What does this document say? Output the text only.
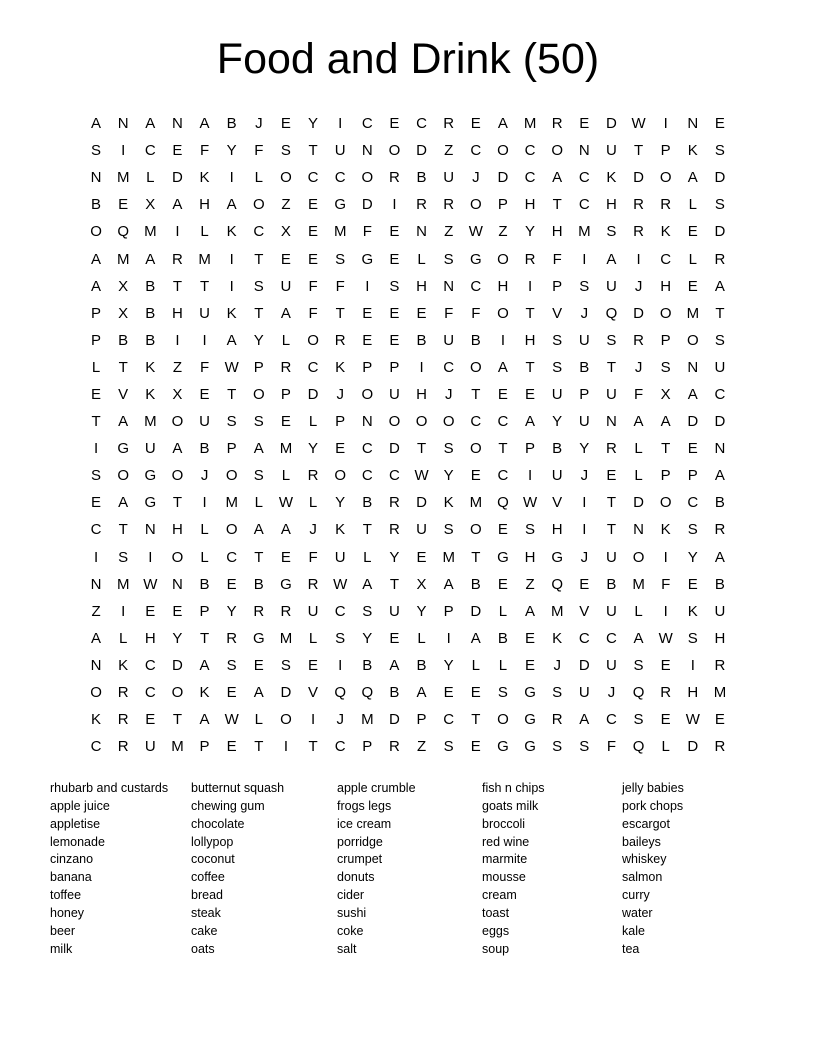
Food and Drink (50)
A	N	A	N	A	B	J	E	Y	I	C	E	C	R	E	A	M	R	E	D W	I	N	E
S	I	C	E	F	Y	F	S	T	U	N	O	D	Z	C	O	C	O	N	U	T	P	K	S
N	M	L	D	K	I	L	O	C	C	O	R	B	U	J	D	C	A	C	K	D	O	A	D
B	E	X	A	H	A	O	Z	E	G	D	I	R	R	O	P	H	T	C	H	R	R	L	S
O	Q	M	I	L	K	C	X	E	M	F	E	N	Z	W	Z	Y	H	M	S	R	K	E	D
A	M	A	R	M	I	T	E	E	S	G	E	L	S	G	O	R	F	I	A	I	C	L	R
A	X	B	T	T	I	S	U	F	F	I	S	H	N	C	H	I	P	S	U	J	H	E	A
P	X	B	H	U	K	T	A	F	T	E	E	E	F	F	O	T	V	J	Q	D	O	M	T
P	B	B	I	I	A	Y	L	O	R	E	E	B	U	B	I	H	S	U	S	R	P	O	S
L	T	K	Z	F	W	P	R	C	K	P	P	I	C	O	A	T	S	B	T	J	S	N	U
E	V	K	X	E	T	O	P	D	J	O	U	H	J	T	E	E	U	P	U	F	X	A	C
T	A	M	O	U	S	S	E	L	P	N	O	O	O	C	C	A	Y	U	N	A	A	D	D
I	G	U	A	B	P	A	M	Y	E	C	D	T	S	O	T	P	B	Y	R	L	T	E	N
S	O	G	O	J	O	S	L	R	O	C	C W	Y	E	C	I	U	J	E	L	P	P	A
E	A	G	T	I	M	L	W	L	Y	B	R	D	K	M	Q W	V	I	T	D	O	C	B
C	T	N	H	L	O	A	A	J	K	T	R	U	S	O	E	S	H	I	T	N	K	S	R
I	S	I	O	L	C	T	E	F	U	L	Y	E	M	T	G	H	G	J	U	O	I	Y	A
N	M W N	B	E	B	G	R W	A	T	X	A	B	E	Z	Q	E	B	M	F	E	B
Z	I	E	E	P	Y	R	R	U	C	S	U	Y	P	D	L	A	M	V	U	L	I	K	U
A	L	H	Y	T	R	G	M	L	S	Y	E	L	I	A	B	E	K	C	C	A	W	S	H
N	K	C	D	A	S	E	S	E	I	B	A	B	Y	L	L	E	J	D	U	S	E	I	R
O	R	C	O	K	E	A	D	V	Q	Q	B	A	E	E	S	G	S	U	J	Q	R	H	M
K	R	E	T	A	W	L	O	I	J	M	D	P	C	T	O	G	R	A	C	S	E	W	E
C	R	U	M	P	E	T	I	T	C	P	R	Z	S	E	G	G	S	S	F	Q	L	D	R
rhubarb and custards
apple juice
appletise
lemonade
cinzano
banana
toffee
honey
beer
milk
butternut squash
chewing gum
chocolate
lollypop
coconut
coffee
bread
steak
cake
oats
apple crumble
frogs legs
ice cream
porridge
crumpet
donuts
cider
sushi
coke
salt
fish n chips
goats milk
broccoli
red wine
marmite
mousse
cream
toast
eggs
soup
jelly babies
pork chops
escargot
baileys
whiskey
salmon
curry
water
kale
tea
